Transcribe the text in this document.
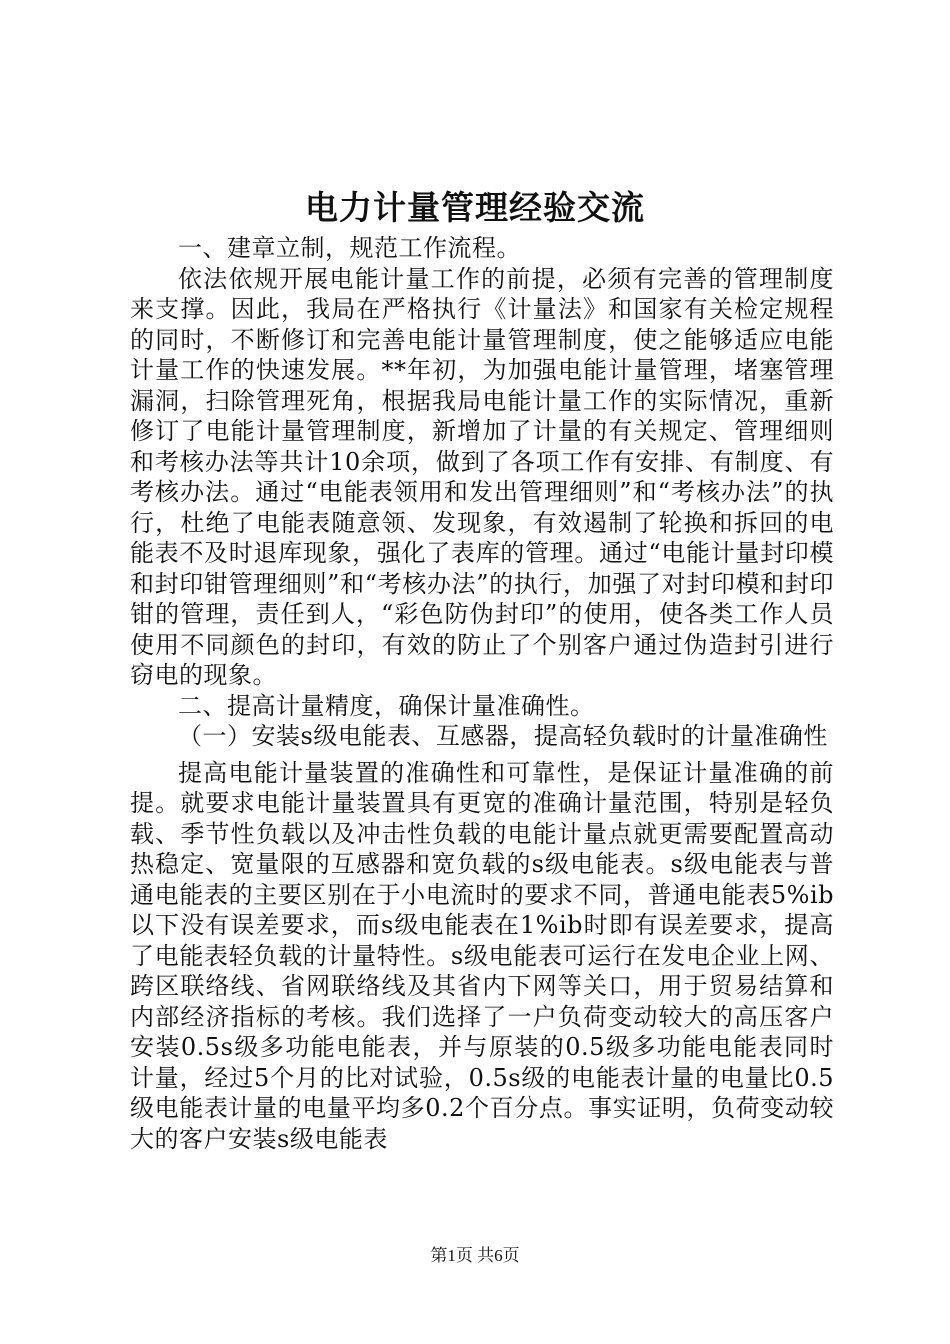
电力计量管理经验交流

一、建章立制，规范工作流程。

依法依规开展电能计量工作的前提，必须有完善的管理制度来支撑。因此，我局在严格执行《计量法》和国家有关检定规程的同时，不断修订和完善电能计量管理制度，使之能够适应电能计量工作的快速发展。**年初，为加强电能计量管理，堵塞管理漏洞，扫除管理死角，根据我局电能计量工作的实际情况，重新修订了电能计量管理制度，新增加了计量的有关规定、管理细则和考核办法等共计10余项，做到了各项工作有安排、有制度、有考核办法。通过“电能表领用和发出管理细则”和“考核办法”的执行，杜绝了电能表随意领、发现象，有效遏制了轮换和拆回的电能表不及时退库现象，强化了表库的管理。通过“电能计量封印模和封印钳管理细则”和“考核办法”的执行，加强了对封印模和封印钳的管理，责任到人，“彩色防伪封印”的使用，使各类工作人员使用不同颜色的封印，有效的防止了个别客户通过伪造封引进行窃电的现象。

二、提高计量精度，确保计量准确性。

（一）安装s级电能表、互感器，提高轻负载时的计量准确性

提高电能计量装置的准确性和可靠性，是保证计量准确的前提。就要求电能计量装置具有更宽的准确计量范围，特别是轻负载、季节性负载以及冲击性负载的电能计量点就更需要配置高动热稳定、宽量限的互感器和宽负载的s级电能表。s级电能表与普通电能表的主要区别在于小电流时的要求不同，普通电能表5%ib以下没有误差要求，而s级电能表在1%ib时即有误差要求，提高了电能表轻负载的计量特性。s级电能表可运行在发电企业上网、跨区联络线、省网联络线及其省内下网等关口，用于贸易结算和内部经济指标的考核。我们选择了一户负荷变动较大的高压客户安装0.5s级多功能电能表，并与原装的0.5级多功能电能表同时计量，经过5个月的比对试验，0.5s级的电能表计量的电量比0.5级电能表计量的电量平均多0.2个百分点。事实证明，负荷变动较大的客户安装s级电能表

第1页 共6页
